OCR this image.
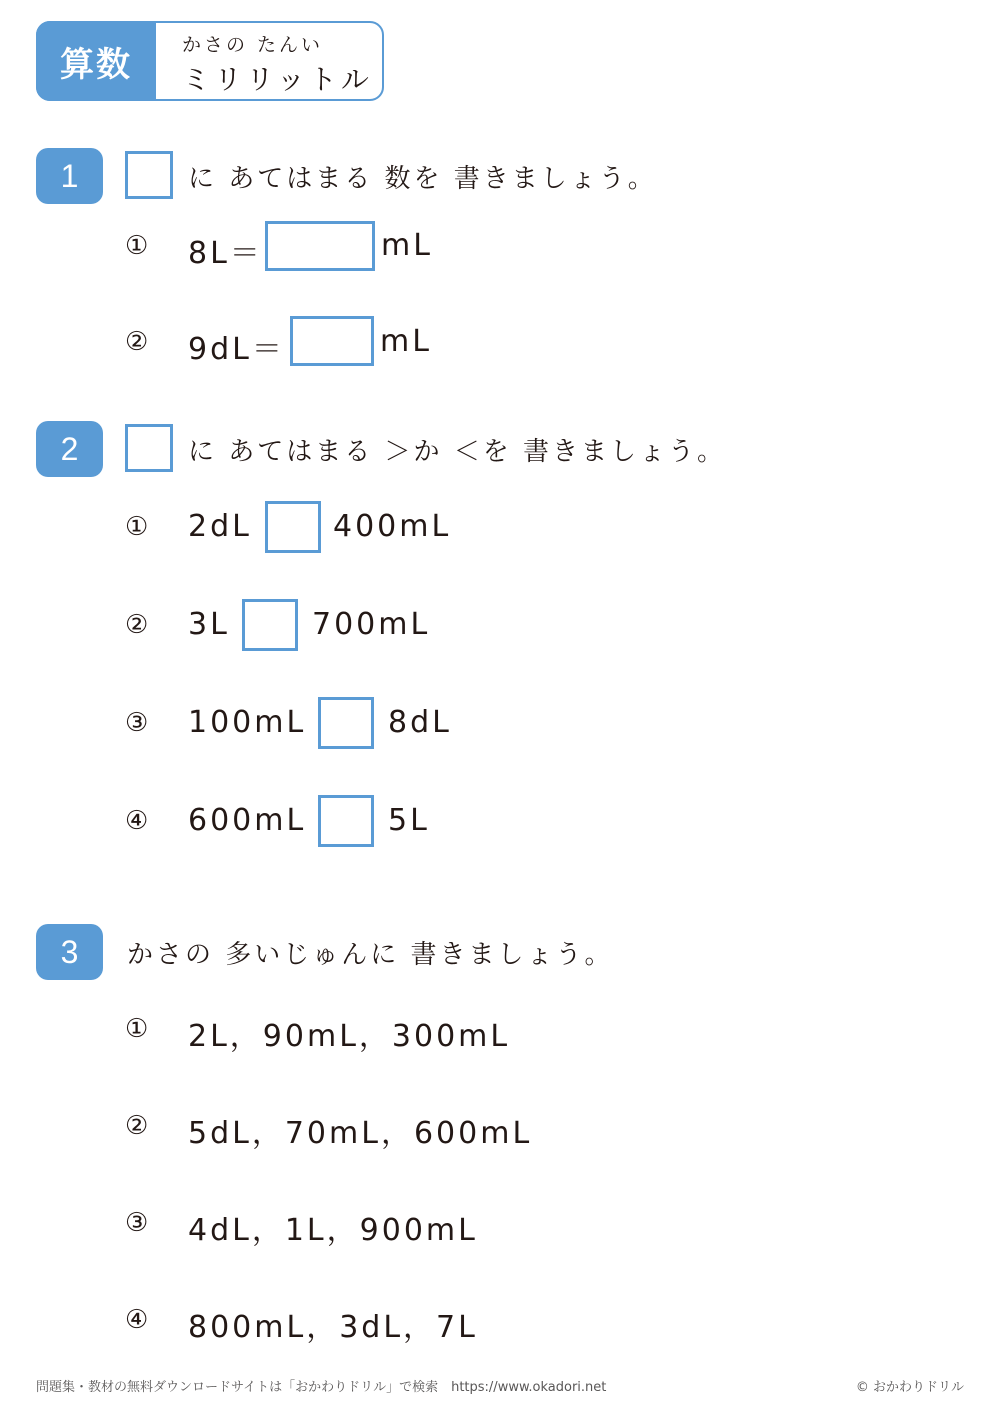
算数	かさの たんい
ミリリットル
1	に あてはまる 数を 書きましょう。
① 8L＝	mL
② 9dL＝	mL
2	に あてはまる ＞か ＜を 書きましょう。
① 2dL	400mL
② 3L	700mL
③ 100mL	8dL
④ 600mL	5L
3	かさの 多いじゅんに 書きましょう。
① 2L，90mL，300mL
② 5dL，70mL，600mL
③ 4dL，1L，900mL
④ 800mL，3dL，7L
問題集・教材の無料ダウンロードサイトは「おかわりドリル」で検索　https://www.okadori.net	© おかわりドリル
